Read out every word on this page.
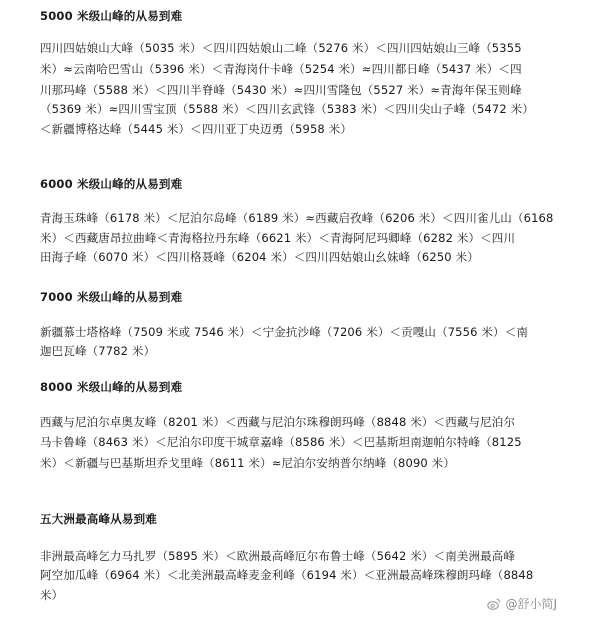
5000 米级山峰的从易到难
四川四姑娘山大峰（5035 米）＜四川四姑娘山二峰（5276 米）＜四川四姑娘山三峰（5355
米）≈云南哈巴雪山（5396 米）＜青海岗什卡峰（5254 米）≈四川都日峰（5437 米）＜四
川那玛峰（5588 米）＜四川半脊峰（5430 米）≈四川雪隆包（5527 米）≈青海年保玉则峰
（5369 米）≈四川雪宝顶（5588 米）＜四川玄武锋（5383 米）＜四川尖山子峰（5472 米）
＜新疆博格达峰（5445 米）＜四川亚丁央迈勇（5958 米）
6000 米级山峰的从易到难
青海玉珠峰（6178 米）＜尼泊尔岛峰（6189 米）≈西藏启孜峰（6206 米）＜四川雀儿山（6168
米）＜西藏唐昂拉曲峰＜青海格拉丹东峰（6621 米）＜青海阿尼玛卿峰（6282 米）＜四川
田海子峰（6070 米）＜四川格聂峰（6204 米）＜四川四姑娘山幺妹峰（6250 米）
7000 米级山峰的从易到难
新疆慕士塔格峰（7509 米或 7546 米）＜宁金抗沙峰（7206 米）＜贡嘎山（7556 米）＜南
迦巴瓦峰（7782 米）
8000 米级山峰的从易到难
西藏与尼泊尔卓奥友峰（8201 米）＜西藏与尼泊尔珠穆朗玛峰（8848 米）＜西藏与尼泊尔
马卡鲁峰（8463 米）＜尼泊尔印度干城章嘉峰（8586 米）＜巴基斯坦南迦帕尔特峰（8125
米）＜新疆与巴基斯坦乔戈里峰（8611 米）≈尼泊尔安纳普尔纳峰（8090 米）
五大洲最高峰从易到难
非洲最高峰乞力马扎罗（5895 米）＜欧洲最高峰厄尔布鲁士峰（5642 米）＜南美洲最高峰
阿空加瓜峰（6964 米）＜北美洲最高峰麦金利峰（6194 米）＜亚洲最高峰珠穆朗玛峰（8848
米）
@舒小简J
